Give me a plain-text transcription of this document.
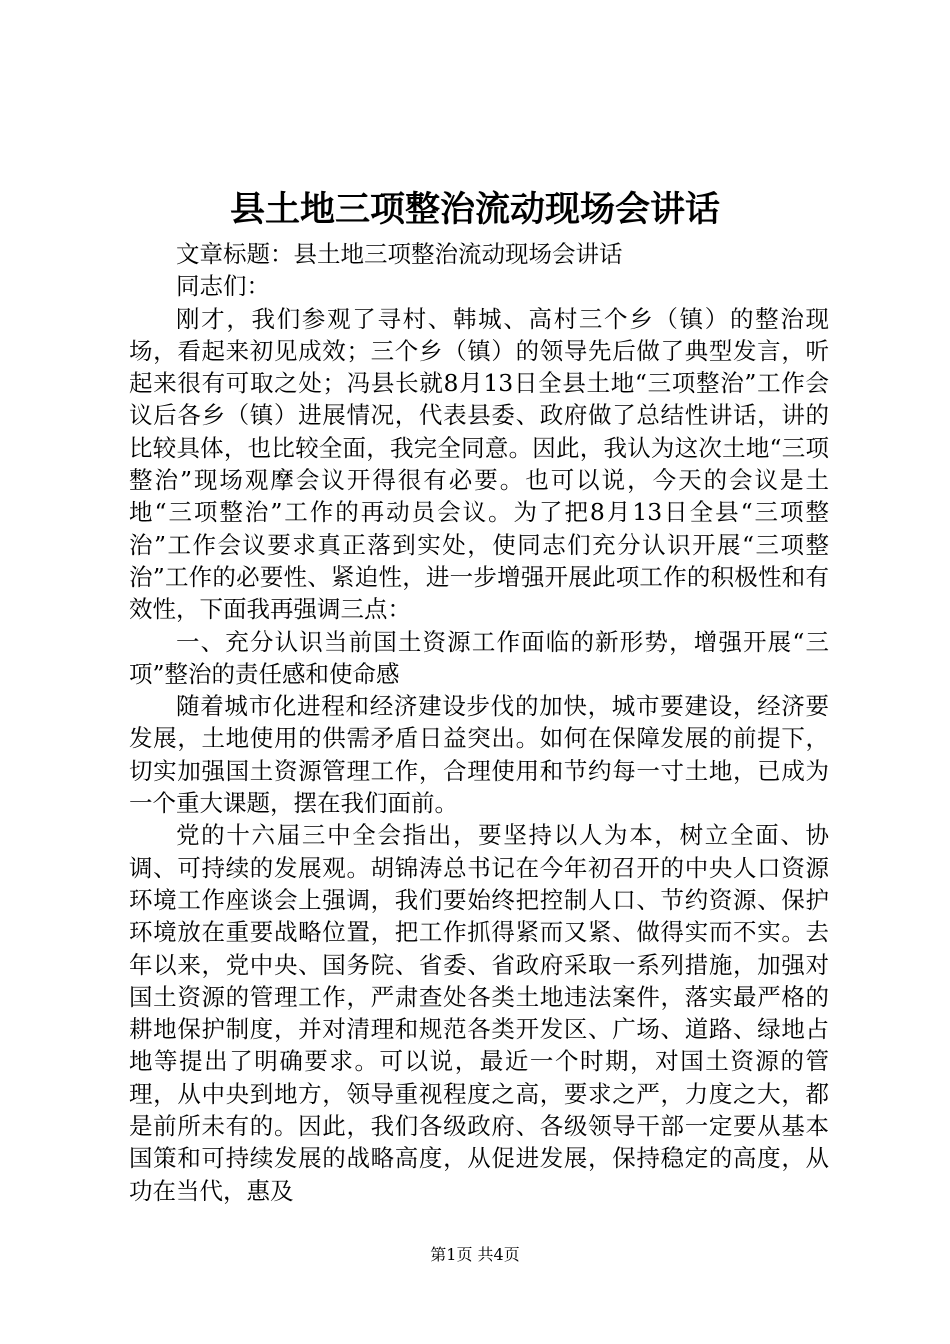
县土地三项整治流动现场会讲话

文章标题：县土地三项整治流动现场会讲话

同志们：

刚才，我们参观了寻村、韩城、高村三个乡（镇）的整治现场，看起来初见成效；三个乡（镇）的领导先后做了典型发言，听起来很有可取之处；冯县长就8月13日全县土地“三项整治”工作会议后各乡（镇）进展情况，代表县委、政府做了总结性讲话，讲的比较具体，也比较全面，我完全同意。因此，我认为这次土地“三项整治”现场观摩会议开得很有必要。也可以说，今天的会议是土地“三项整治”工作的再动员会议。为了把8月13日全县“三项整治”工作会议要求真正落到实处，使同志们充分认识开展“三项整治”工作的必要性、紧迫性，进一步增强开展此项工作的积极性和有效性，下面我再强调三点：

一、充分认识当前国土资源工作面临的新形势，增强开展“三项”整治的责任感和使命感

随着城市化进程和经济建设步伐的加快，城市要建设，经济要发展，土地使用的供需矛盾日益突出。如何在保障发展的前提下，切实加强国土资源管理工作，合理使用和节约每一寸土地，已成为一个重大课题，摆在我们面前。

党的十六届三中全会指出，要坚持以人为本，树立全面、协调、可持续的发展观。胡锦涛总书记在今年初召开的中央人口资源环境工作座谈会上强调，我们要始终把控制人口、节约资源、保护环境放在重要战略位置，把工作抓得紧而又紧、做得实而不实。去年以来，党中央、国务院、省委、省政府采取一系列措施，加强对国土资源的管理工作，严肃查处各类土地违法案件，落实最严格的耕地保护制度，并对清理和规范各类开发区、广场、道路、绿地占地等提出了明确要求。可以说，最近一个时期，对国土资源的管理，从中央到地方，领导重视程度之高，要求之严，力度之大，都是前所未有的。因此，我们各级政府、各级领导干部一定要从基本国策和可持续发展的战略高度，从促进发展，保持稳定的高度，从功在当代，惠及

第1页 共4页
